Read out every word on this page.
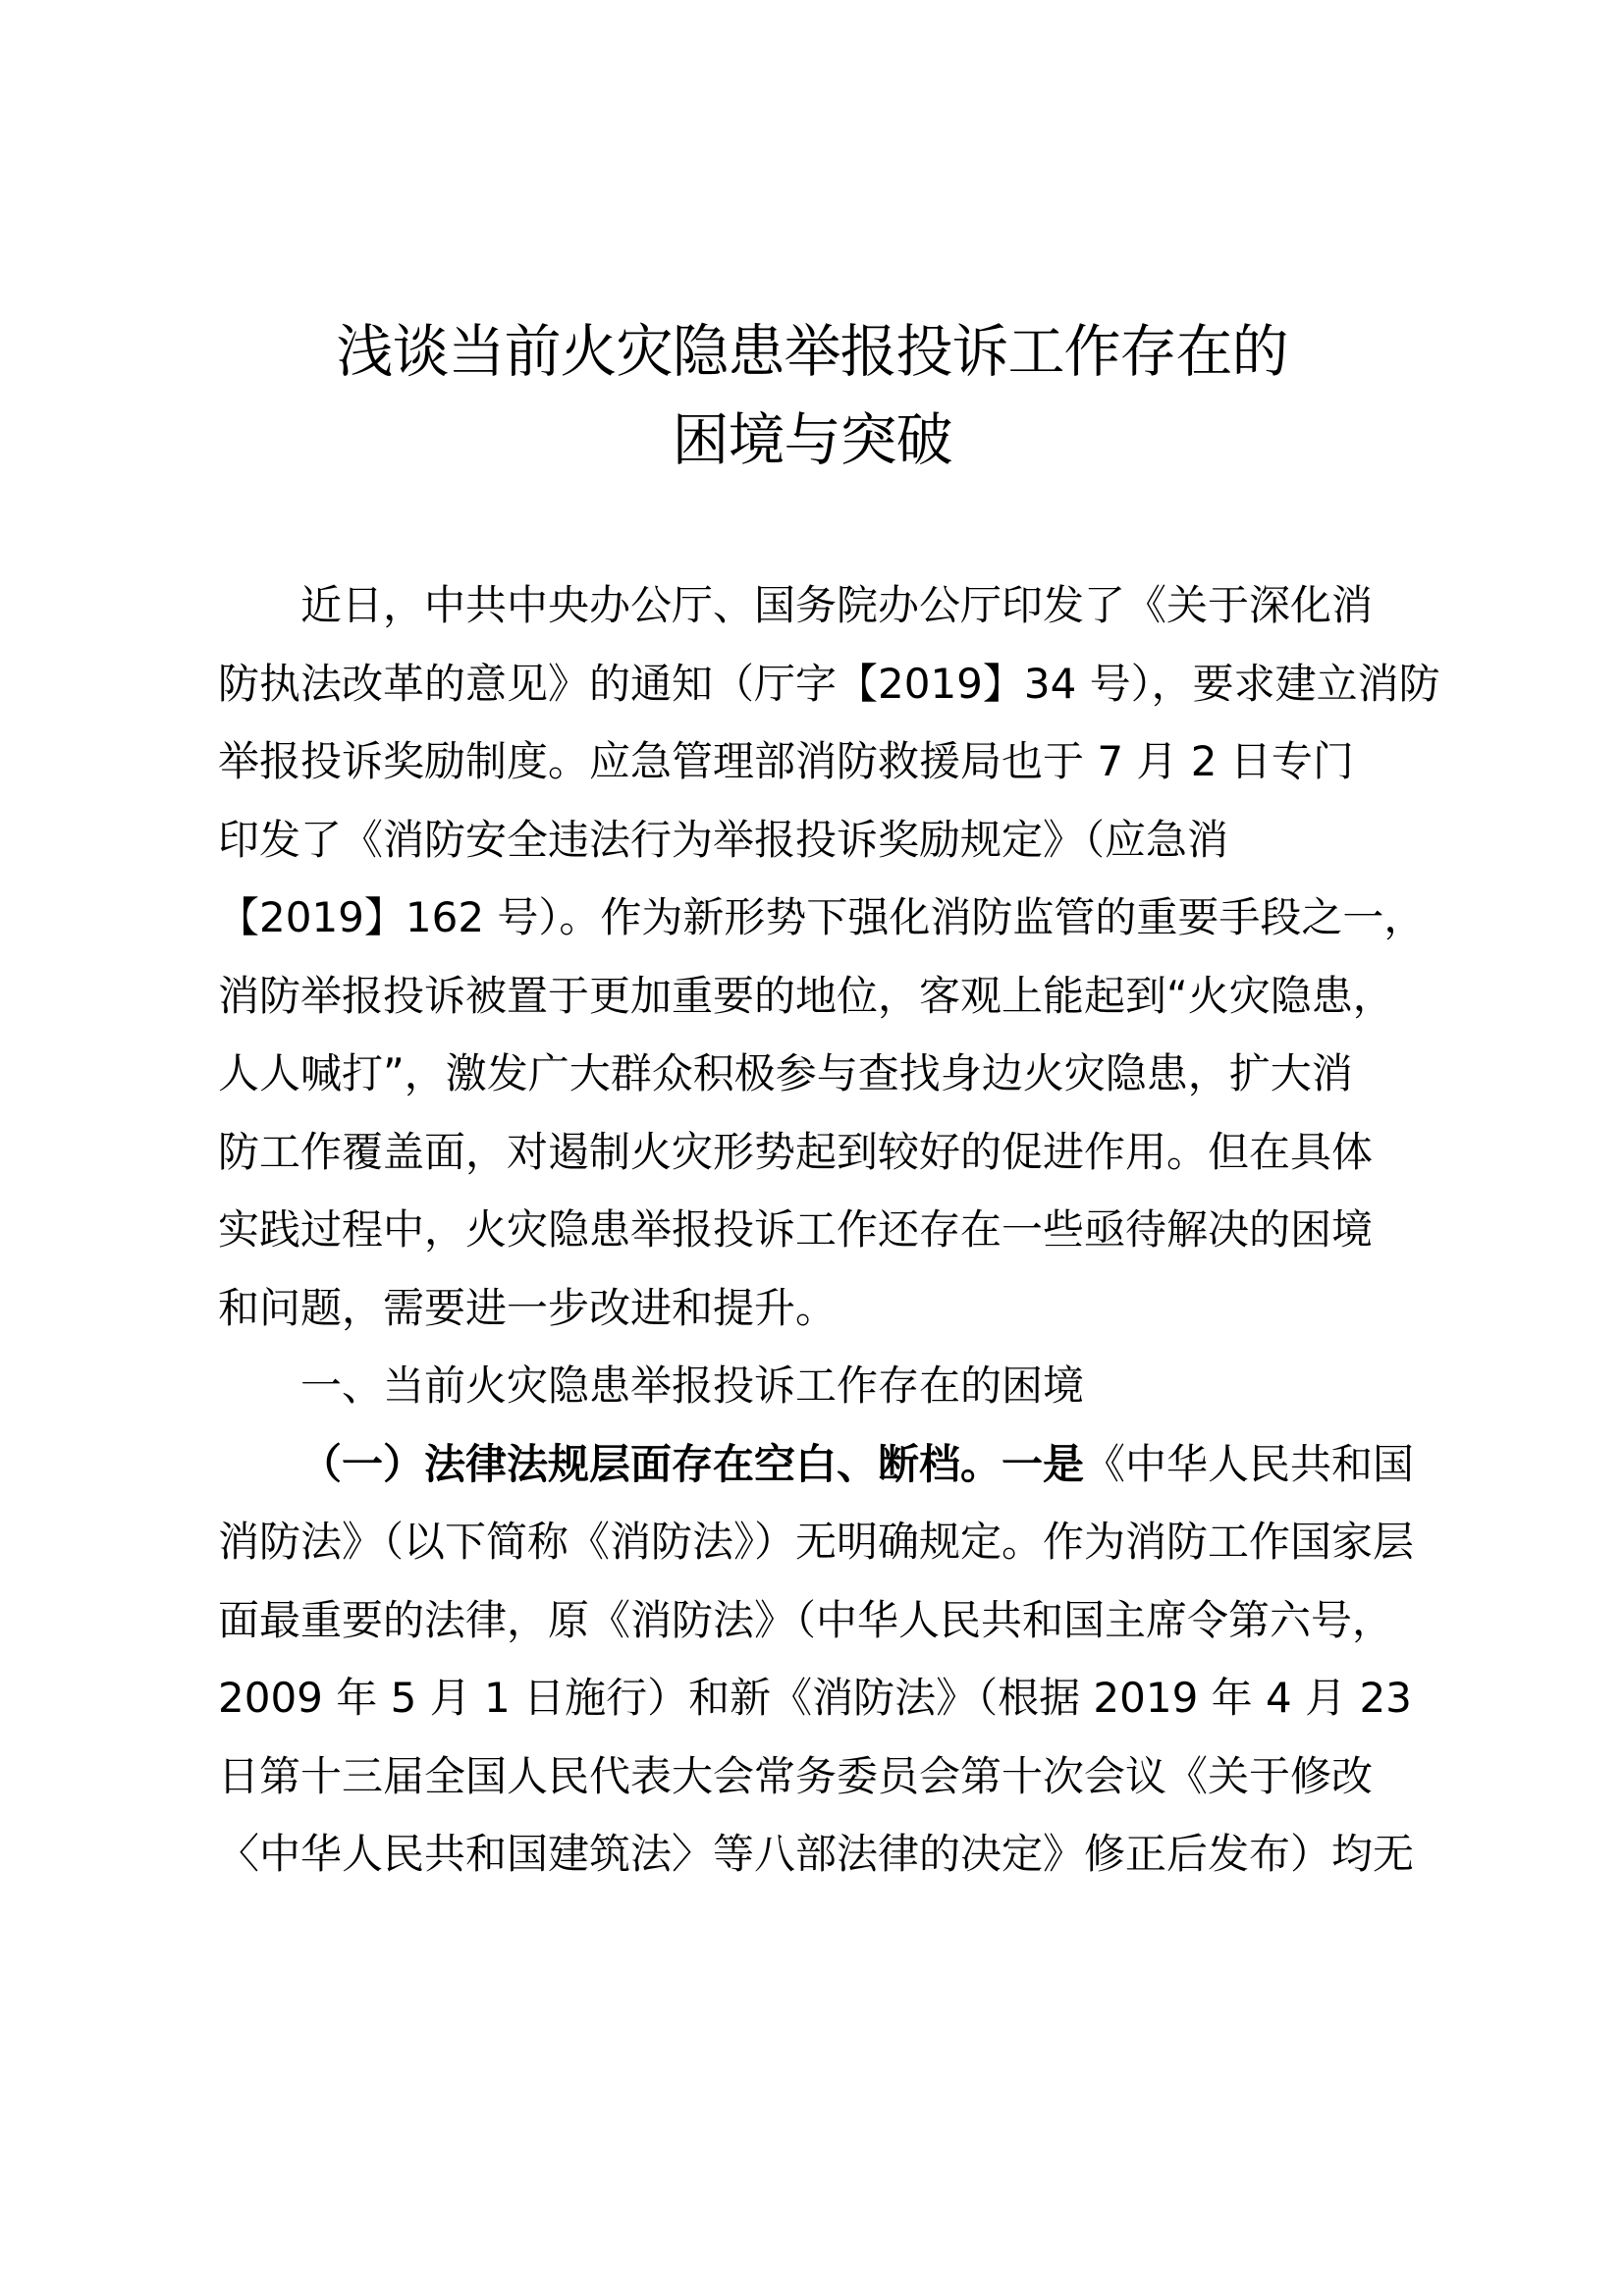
浅谈当前火灾隐患举报投诉工作存在的
困境与突破
近日，中共中央办公厅、国务院办公厅印发了《关于深化消
防执法改革的意见》的通知（厅字【2019】34 号），要求建立消防
举报投诉奖励制度。应急管理部消防救援局也于 7 月 2 日专门
印发了《消防安全违法行为举报投诉奖励规定》（应急消
【2019】162 号）。作为新形势下强化消防监管的重要手段之一，
消防举报投诉被置于更加重要的地位，客观上能起到“火灾隐患，
人人喊打”，激发广大群众积极参与查找身边火灾隐患，扩大消
防工作覆盖面，对遏制火灾形势起到较好的促进作用。但在具体
实践过程中，火灾隐患举报投诉工作还存在一些亟待解决的困境
和问题，需要进一步改进和提升。
一、当前火灾隐患举报投诉工作存在的困境
（一）法律法规层面存在空白、断档。一是《中华人民共和国
消防法》（以下简称《消防法》）无明确规定。作为消防工作国家层
面最重要的法律，原《消防法》（中华人民共和国主席令第六号，
2009 年 5 月 1 日施行）和新《消防法》（根据 2019 年 4 月 23
日第十三届全国人民代表大会常务委员会第十次会议《关于修改
〈中华人民共和国建筑法〉等八部法律的决定》修正后发布）均无
